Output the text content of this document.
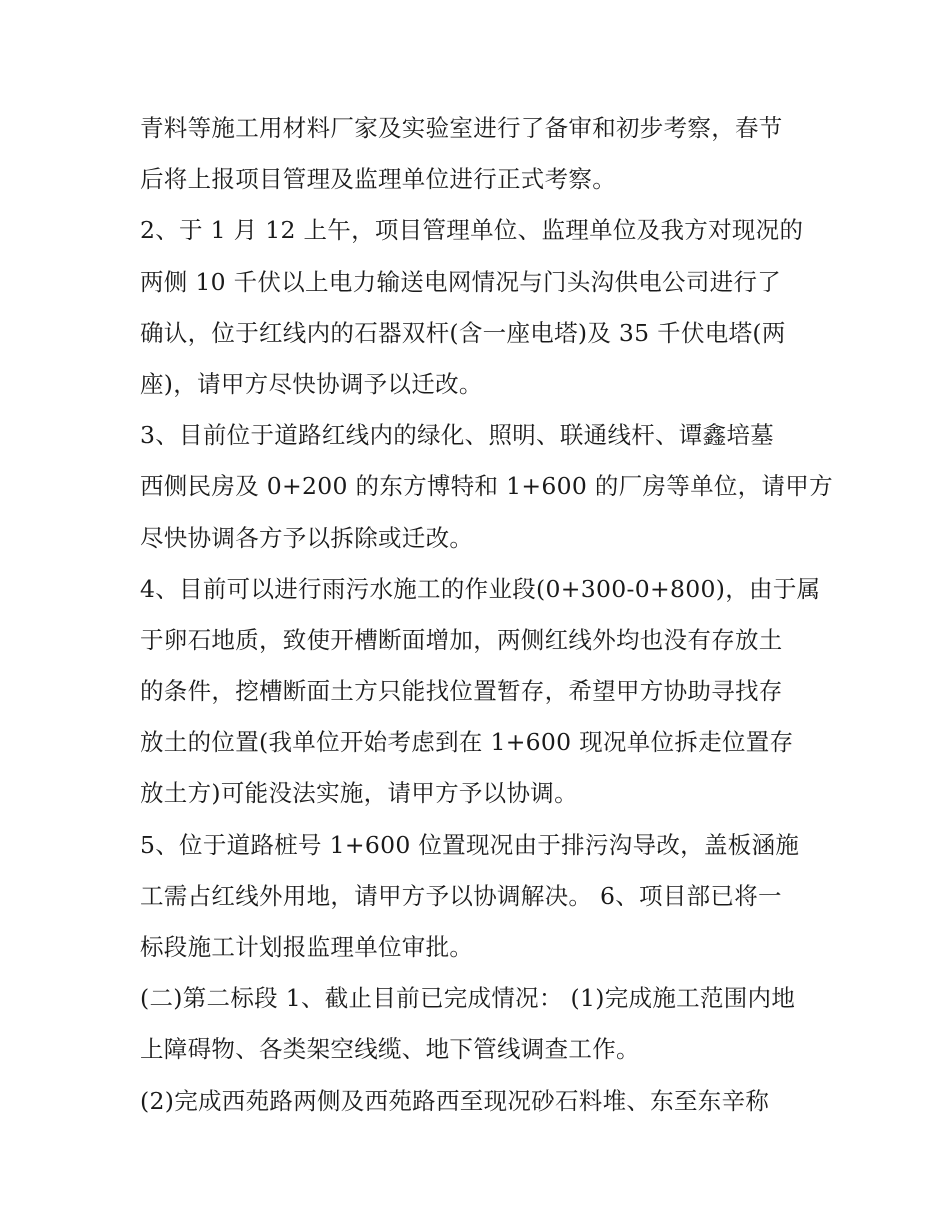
青料等施工用材料厂家及实验室进行了备审和初步考察，春节
后将上报项目管理及监理单位进行正式考察。
2、于 1 月 12 上午，项目管理单位、监理单位及我方对现况的
两侧 10 千伏以上电力输送电网情况与门头沟供电公司进行了
确认，位于红线内的石器双杆(含一座电塔)及 35 千伏电塔(两
座)，请甲方尽快协调予以迁改。
3、目前位于道路红线内的绿化、照明、联通线杆、谭鑫培墓
西侧民房及 0+200 的东方博特和 1+600 的厂房等单位，请甲方
尽快协调各方予以拆除或迁改。
4、目前可以进行雨污水施工的作业段(0+300-0+800)，由于属
于卵石地质，致使开槽断面增加，两侧红线外均也没有存放土
的条件，挖槽断面土方只能找位置暂存，希望甲方协助寻找存
放土的位置(我单位开始考虑到在 1+600 现况单位拆走位置存
放土方)可能没法实施，请甲方予以协调。
5、位于道路桩号 1+600 位置现况由于排污沟导改，盖板涵施
工需占红线外用地，请甲方予以协调解决。 6、项目部已将一
标段施工计划报监理单位审批。
(二)第二标段 1、截止目前已完成情况： (1)完成施工范围内地
上障碍物、各类架空线缆、地下管线调查工作。
(2)完成西苑路两侧及西苑路西至现况砂石料堆、东至东辛称
